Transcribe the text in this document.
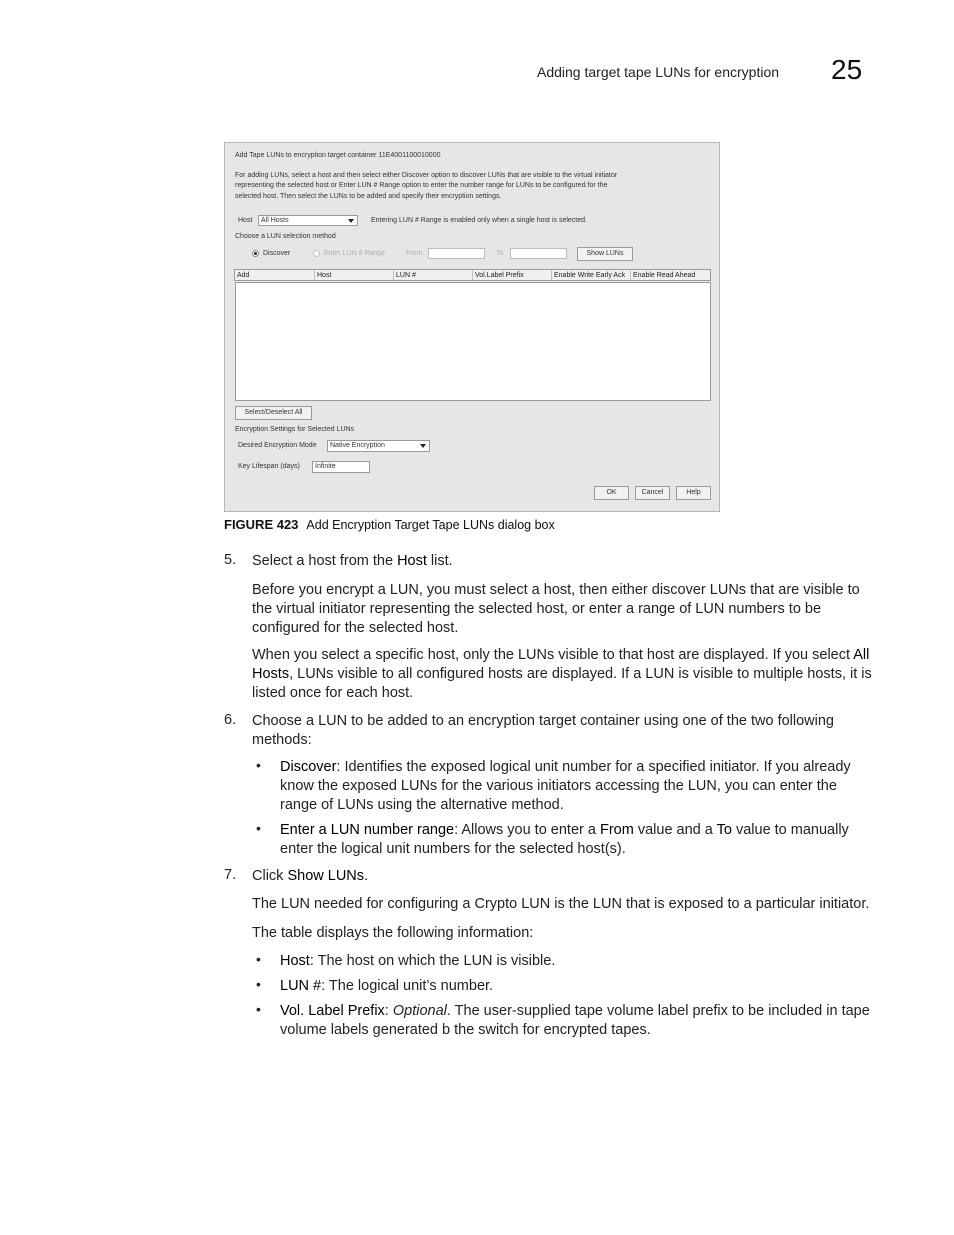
Adding target tape LUNs for encryption 25
Add Tape LUNs to encryption target container 11E4001100010000
For adding LUNs, select a host and then select either Discover option to discover LUNs that are visible to the virtual initiator
representing the selected host or Enter LUN # Range option to enter the number range for LUNs to be configured for the
selected host. Then select the LUNs to be added and specify their encryption settings.
Host All Hosts	Entering LUN # Range is enabled only when a single host is selected.
Choose a LUN selection method
Discover	Enter LUN # Range	From	To	Show LUNs
Select/Deselect All
Encryption Settings for Selected LUNs
Desired Encryption Mode Native Encryption
Key Lifespan (days) Infinite
OK	Cancel	Help
Add	Host	LUN #	Vol.Label Prefix	Enable Write Early Ack	Enable Read Ahead
FIGURE 423 Add Encryption Target Tape LUNs dialog box
5. Select a host from the Host list.
Before you encrypt a LUN, you must select a host, then either discover LUNs that are visible to the virtual initiator representing the selected host, or enter a range of LUN numbers to be configured for the selected host.
When you select a specific host, only the LUNs visible to that host are displayed. If you select All Hosts, LUNs visible to all configured hosts are displayed. If a LUN is visible to multiple hosts, it is listed once for each host.
6. Choose a LUN to be added to an encryption target container using one of the two following methods:
• Discover: Identifies the exposed logical unit number for a specified initiator. If you already know the exposed LUNs for the various initiators accessing the LUN, you can enter the range of LUNs using the alternative method.
• Enter a LUN number range: Allows you to enter a From value and a To value to manually enter the logical unit numbers for the selected host(s).
7. Click Show LUNs.
The LUN needed for configuring a Crypto LUN is the LUN that is exposed to a particular initiator.
The table displays the following information:
• Host: The host on which the LUN is visible.
• LUN #: The logical unit’s number.
• Vol. Label Prefix: Optional. The user-supplied tape volume label prefix to be included in tape volume labels generated b the switch for encrypted tapes.
